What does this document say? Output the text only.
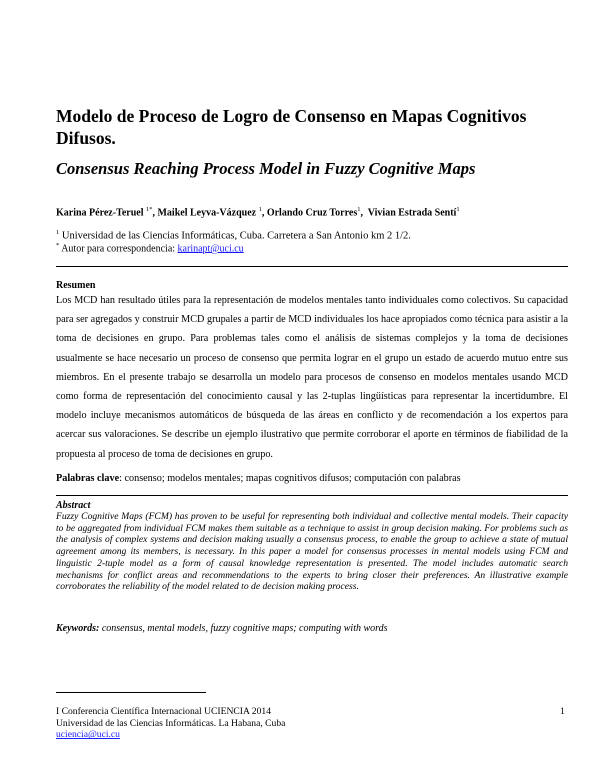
Modelo de Proceso de Logro de Consenso en Mapas Cognitivos Difusos.
Consensus Reaching Process Model in Fuzzy Cognitive Maps
Karina Pérez-Teruel $^{1*}$, Maikel Leyva-Vázquez $^1$, Orlando Cruz Torres$^1$,  Vivian Estrada Sentí$^1$
$^1$ Universidad de las Ciencias Informáticas, Cuba. Carretera a San Antonio km 2 1/2.
* Autor para correspondencia: karinapt@uci.cu
Resumen
Los MCD han resultado útiles para la representación de modelos mentales tanto individuales como colectivos. Su capacidad para ser agregados y construir MCD grupales a partir de MCD individuales los hace apropiados como técnica para asistir a la toma de decisiones en grupo. Para problemas tales como el análisis de sistemas complejos y la toma de decisiones usualmente se hace necesario un proceso de consenso que permita lograr en el grupo un estado de acuerdo mutuo entre sus miembros. En el presente trabajo se desarrolla un modelo para procesos de consenso en modelos mentales usando MCD como forma de representación del conocimiento causal y las 2-tuplas lingüísticas para representar la incertidumbre. El modelo incluye mecanismos automáticos de búsqueda de las áreas en conflicto y de recomendación a los expertos para acercar sus valoraciones. Se describe un ejemplo ilustrativo que permite corroborar el aporte en términos de fiabilidad de la propuesta al proceso de toma de decisiones en grupo.
Palabras clave: consenso; modelos mentales; mapas cognitivos difusos; computación con palabras
Abstract
Fuzzy Cognitive Maps (FCM) has proven to be useful for representing both individual and collective mental models. Their capacity to be aggregated from individual FCM makes them suitable as a technique to assist in group decision making. For problems such as the analysis of complex systems and decision making usually a consensus process, to enable the group to achieve a state of mutual agreement among its members, is necessary. In this paper a model for consensus processes in mental models using FCM and linguistic 2-tuple model as a form of causal knowledge representation is presented. The model includes automatic search mechanisms for conflict areas and recommendations to the experts to bring closer their preferences. An illustrative example corroborates the reliability of the model related to de decision making process.
Keywords: consensus, mental models, fuzzy cognitive maps; computing with words
I Conferencia Científica Internacional UCIENCIA 2014
Universidad de las Ciencias Informáticas. La Habana, Cuba
uciencia@uci.cu
1
